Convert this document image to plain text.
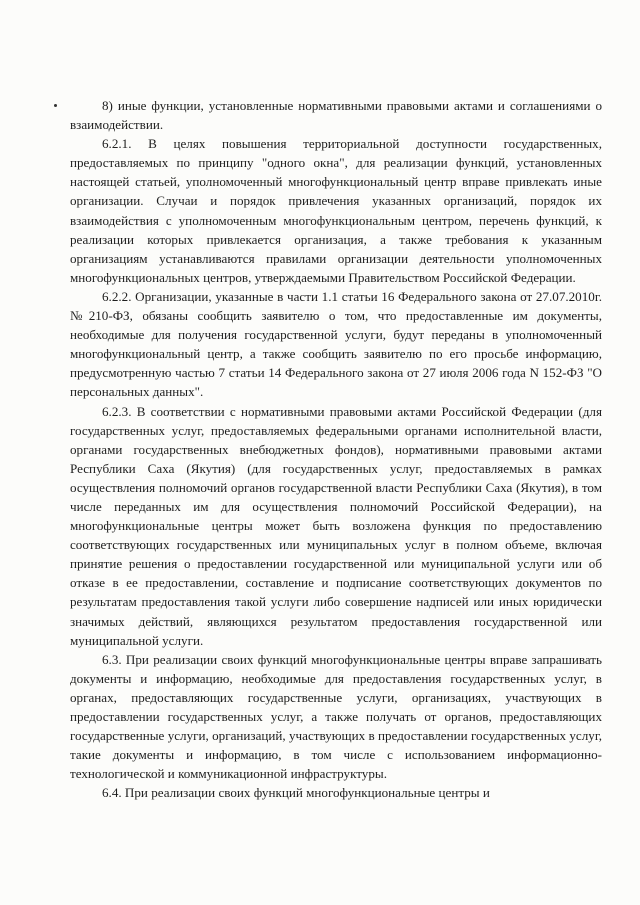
8) иные функции, установленные нормативными правовыми актами и соглашениями о взаимодействии.

6.2.1. В целях повышения территориальной доступности государственных, предоставляемых по принципу "одного окна", для реализации функций, установленных настоящей статьей, уполномоченный многофункциональный центр вправе привлекать иные организации. Случаи и порядок привлечения указанных организаций, порядок их взаимодействия с уполномоченным многофункциональным центром, перечень функций, к реализации которых привлекается организация, а также требования к указанным организациям устанавливаются правилами организации деятельности уполномоченных многофункциональных центров, утверждаемыми Правительством Российской Федерации.

6.2.2. Организации, указанные в части 1.1 статьи 16 Федерального закона от 27.07.2010г. №210-ФЗ, обязаны сообщить заявителю о том, что предоставленные им документы, необходимые для получения государственной услуги, будут переданы в уполномоченный многофункциональный центр, а также сообщить заявителю по его просьбе информацию, предусмотренную частью 7 статьи 14 Федерального закона от 27 июля 2006 года N 152-ФЗ "О персональных данных".

6.2.3. В соответствии с нормативными правовыми актами Российской Федерации (для государственных услуг, предоставляемых федеральными органами исполнительной власти, органами государственных внебюджетных фондов), нормативными правовыми актами Республики Саха (Якутия) (для государственных услуг, предоставляемых в рамках осуществления полномочий органов государственной власти Республики Саха (Якутия), в том числе переданных им для осуществления полномочий Российской Федерации), на многофункциональные центры может быть возложена функция по предоставлению соответствующих государственных или муниципальных услуг в полном объеме, включая принятие решения о предоставлении государственной или муниципальной услуги или об отказе в ее предоставлении, составление и подписание соответствующих документов по результатам предоставления такой услуги либо совершение надписей или иных юридически значимых действий, являющихся результатом предоставления государственной или муниципальной услуги.

6.3. При реализации своих функций многофункциональные центры вправе запрашивать документы и информацию, необходимые для предоставления государственных услуг, в органах, предоставляющих государственные услуги, организациях, участвующих в предоставлении государственных услуг, а также получать от органов, предоставляющих государственные услуги, организаций, участвующих в предоставлении государственных услуг, такие документы и информацию, в том числе с использованием информационно-технологической и коммуникационной инфраструктуры.

6.4. При реализации своих функций многофункциональные центры и
